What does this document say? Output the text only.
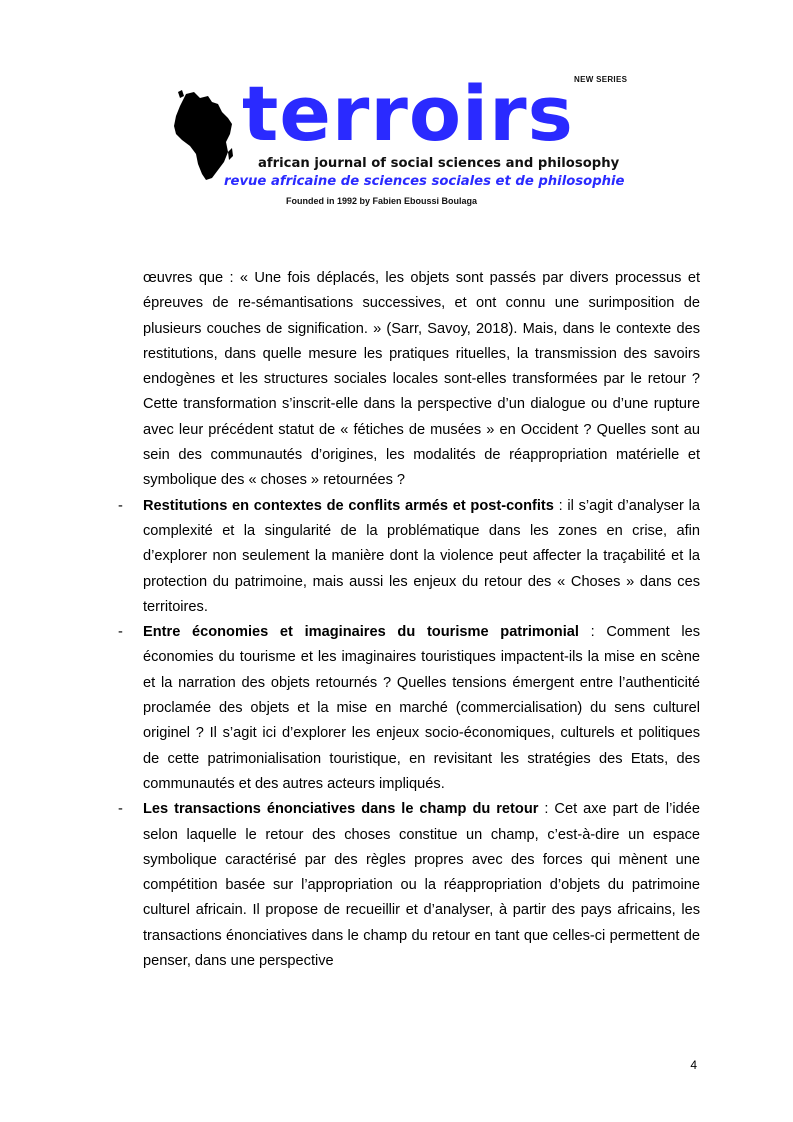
NEW SERIES
terroirs
african journal of social sciences and philosophy
revue africaine de sciences sociales et de philosophie
Founded in 1992 by Fabien Eboussi Boulaga

œuvres que : « Une fois déplacés, les objets sont passés par divers processus et épreuves de re-sémantisations successives, et ont connu une surimposition de plusieurs couches de signification. » (Sarr, Savoy, 2018). Mais, dans le contexte des restitutions, dans quelle mesure les pratiques rituelles, la transmission des savoirs endogènes et les structures sociales locales sont-elles transformées par le retour ? Cette transformation s’inscrit-elle dans la perspective d’un dialogue ou d’une rupture avec leur précédent statut de « fétiches de musées » en Occident ? Quelles sont au sein des communautés d’origines, les modalités de réappropriation matérielle et symbolique des « choses » retournées ?

- Restitutions en contextes de conflits armés et post-confits : il s’agit d’analyser la complexité et la singularité de la problématique dans les zones en crise, afin d’explorer non seulement la manière dont la violence peut affecter la traçabilité et la protection du patrimoine, mais aussi les enjeux du retour des « Choses » dans ces territoires.

- Entre économies et imaginaires du tourisme patrimonial : Comment les économies du tourisme et les imaginaires touristiques impactent-ils la mise en scène et la narration des objets retournés ? Quelles tensions émergent entre l’authenticité proclamée des objets et la mise en marché (commercialisation) du sens culturel originel ? Il s’agit ici d’explorer les enjeux socio-économiques, culturels et politiques de cette patrimonialisation touristique, en revisitant les stratégies des Etats, des communautés et des autres acteurs impliqués.

- Les transactions énonciatives dans le champ du retour : Cet axe part de l’idée selon laquelle le retour des choses constitue un champ, c’est-à-dire un espace symbolique caractérisé par des règles propres avec des forces qui mènent une compétition basée sur l’appropriation ou la réappropriation d’objets du patrimoine culturel africain. Il propose de recueillir et d’analyser, à partir des pays africains, les transactions énonciatives dans le champ du retour en tant que celles-ci permettent de penser, dans une perspective

4
